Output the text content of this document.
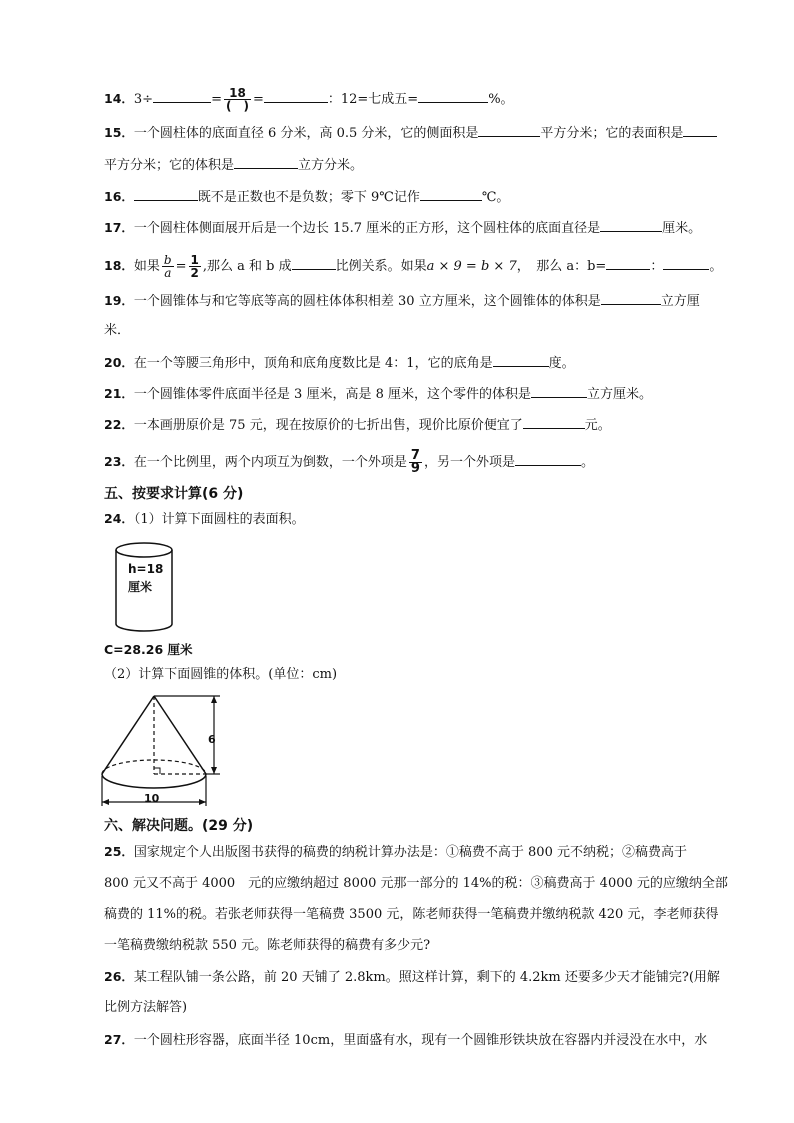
14．3÷	= $\frac{18}{( )}$ =	：12=七成五=	%。
15．一个圆柱体的底面直径 6 分米，高 0.5 分米，它的侧面积是	平方分米；它的表面积是
平方分米；它的体积是	立方分米。
16．	既不是正数也不是负数；零下 9℃记作	℃。
17．一个圆柱体侧面展开后是一个边长 15.7 厘米的正方形，这个圆柱体的底面直径是	厘米。
18．如果 $\frac{b}{a} = \frac{1}{2}$ ,那么 a 和 b 成	比例关系。如果a × 9 = b × 7，　那么 a：b=	：	。
19．一个圆锥体与和它等底等高的圆柱体体积相差 30 立方厘米，这个圆锥体的体积是	立方厘
米．
20．在一个等腰三角形中，顶角和底角度数比是 4：1，它的底角是	度。
21．一个圆锥体零件底面半径是 3 厘米，高是 8 厘米，这个零件的体积是	立方厘米。
22．一本画册原价是 75 元，现在按原价的七折出售，现价比原价便宜了	元。
23．在一个比例里，两个内项互为倒数，一个外项是 $\frac{7}{9}$ ，另一个外项是	。
五、按要求计算(6 分)
24．（1）计算下面圆柱的表面积。
h=18
厘米
C=28.26 厘米
（2）计算下面圆锥的体积。(单位：cm)
6
10
六、解决问题。(29 分)
25．国家规定个人出版图书获得的稿费的纳税计算办法是：①稿费不高于 800 元不纳税；②稿费高于
800 元又不高于 4000　元的应缴纳超过 8000 元那一部分的 14%的税：③稿费高于 4000 元的应缴纳全部
稿费的 11%的税。若张老师获得一笔稿费 3500 元，陈老师获得一笔稿费并缴纳税款 420 元，李老师获得
一笔稿费缴纳税款 550 元。陈老师获得的稿费有多少元?
26．某工程队铺一条公路，前 20 天铺了 2.8km。照这样计算，剩下的 4.2km 还要多少天才能铺完?(用解
比例方法解答)
27．一个圆柱形容器，底面半径 10cm，里面盛有水，现有一个圆锥形铁块放在容器内并浸没在水中，水
